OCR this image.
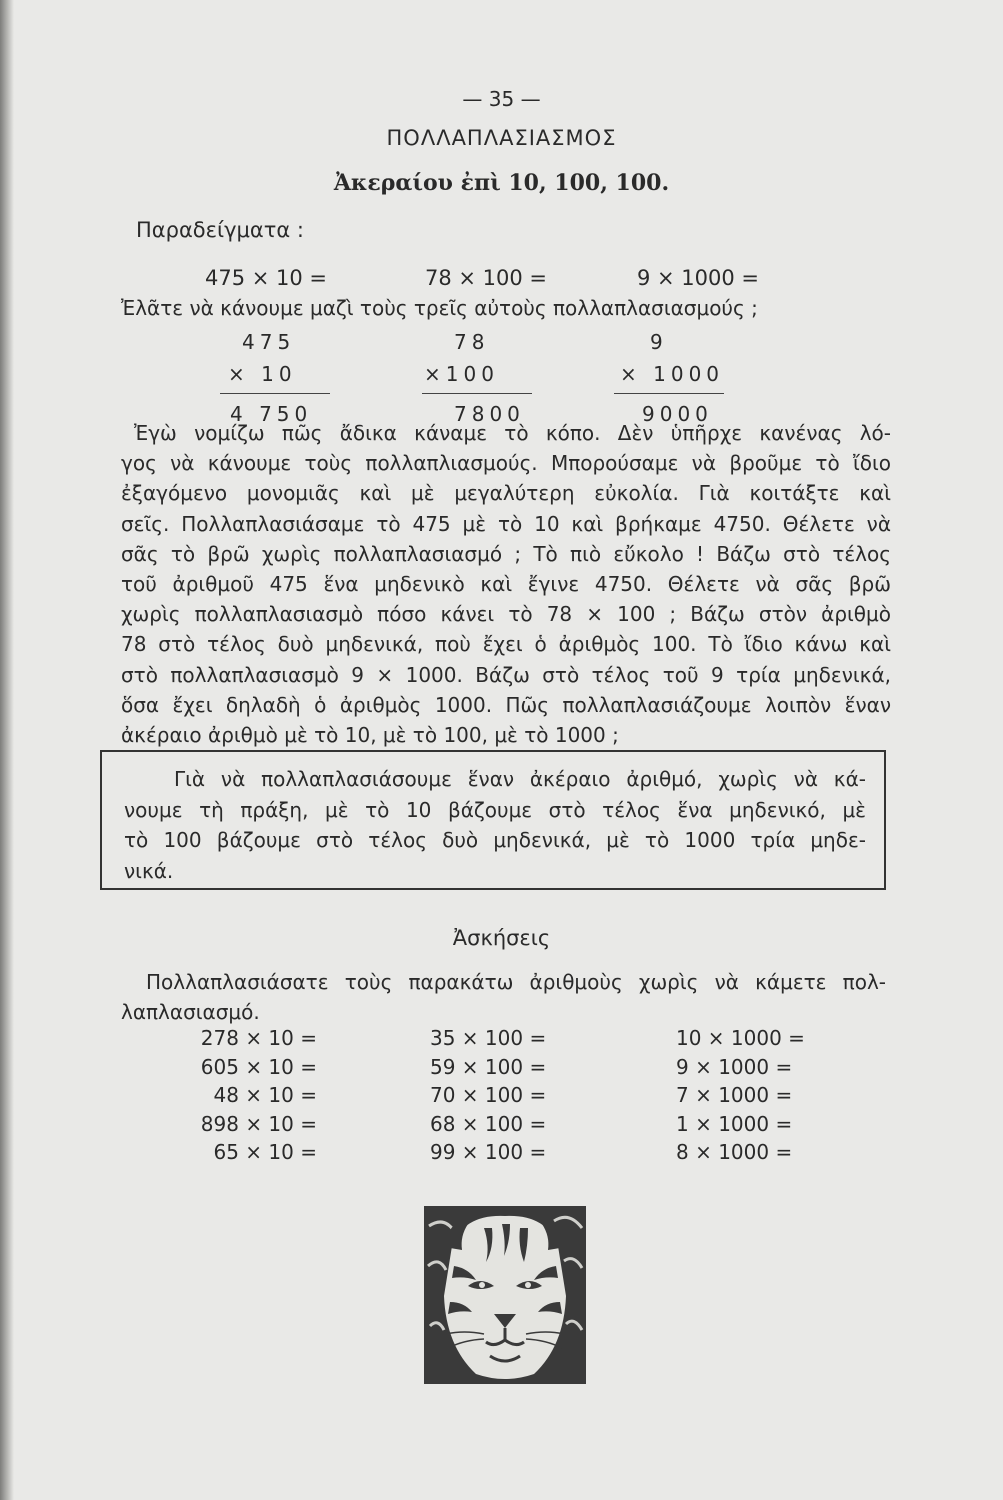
— 35 —
ΠΟΛΛΑΠΛΑΣΙΑΣΜΟΣ
Ἀκεραίου ἐπὶ 10, 100, 100.
Παραδείγματα :
475 × 10 =	78 × 100 =	9 × 1000 =
Ἐλᾶτε νὰ κάνουμε μαζὶ τοὺς τρεῖς αὐτοὺς πολλαπλασιασμούς ;
475
× 10
4 750
78
×100
7800
9
× 1000
9000
Ἐγὼ νομίζω πῶς ἄδικα κάναμε τὸ κόπο. Δὲν ὑπῆρχε κανένας λό-
γος νὰ κάνουμε τοὺς πολλαπλιασμούς. Μπορούσαμε νὰ βροῦμε τὸ ἴδιο
ἐξαγόμενο μονομιᾶς καὶ μὲ μεγαλύτερη εὐκολία. Γιὰ κοιτάξτε καὶ
σεῖς. Πολλαπλασιάσαμε τὸ 475 μὲ τὸ 10 καὶ βρήκαμε 4750. Θέλετε νὰ
σᾶς τὸ βρῶ χωρὶς πολλαπλασιασμό ; Τὸ πιὸ εὔκολο ! Βάζω στὸ τέλος
τοῦ ἀριθμοῦ 475 ἕνα μηδενικὸ καὶ ἔγινε 4750. Θέλετε νὰ σᾶς βρῶ
χωρὶς πολλαπλασιασμὸ πόσο κάνει τὸ 78 × 100 ; Βάζω στὸν ἀριθμὸ
78 στὸ τέλος δυὸ μηδενικά, ποὺ ἔχει ὁ ἀριθμὸς 100. Τὸ ἴδιο κάνω καὶ
στὸ πολλαπλασιασμὸ 9 × 1000. Βάζω στὸ τέλος τοῦ 9 τρία μηδενικά,
ὅσα ἔχει δηλαδὴ ὁ ἀριθμὸς 1000. Πῶς πολλαπλασιάζουμε λοιπὸν ἕναν
ἀκέραιο ἀριθμὸ μὲ τὸ 10, μὲ τὸ 100, μὲ τὸ 1000 ;
Γιὰ νὰ πολλαπλασιάσουμε ἕναν ἀκέραιο ἀριθμό, χωρὶς νὰ κά-
νουμε τὴ πράξη, μὲ τὸ 10 βάζουμε στὸ τέλος ἕνα μηδενικό, μὲ
τὸ 100 βάζουμε στὸ τέλος δυὸ μηδενικά, μὲ τὸ 1000 τρία μηδε-
νικά.
Ἀσκήσεις
Πολλαπλασιάσατε τοὺς παρακάτω ἀριθμοὺς χωρὶς νὰ κάμετε πολ-
λαπλασιασμό.
278 × 10 =
605 × 10 =
48 × 10 =
898 × 10 =
65 × 10 =
35 × 100 =
59 × 100 =
70 × 100 =
68 × 100 =
99 × 100 =
10 × 1000 =
9 × 1000 =
7 × 1000 =
1 × 1000 =
8 × 1000 =
